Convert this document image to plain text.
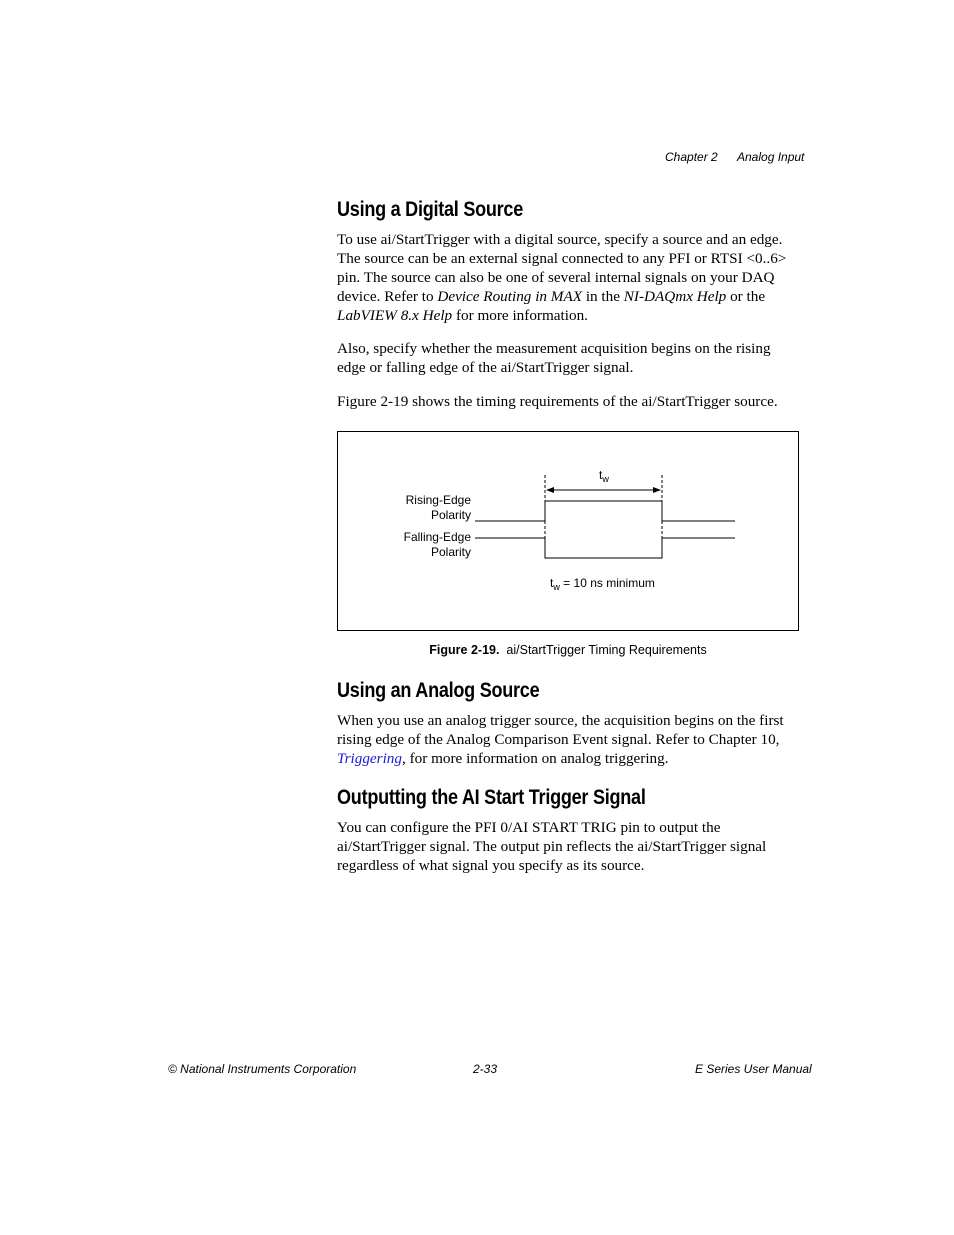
Chapter 2 Analog Input
Using a Digital Source

To use ai/StartTrigger with a digital source, specify a source and an edge. The source can be an external signal connected to any PFI or RTSI <0..6> pin. The source can also be one of several internal signals on your DAQ device. Refer to Device Routing in MAX in the NI-DAQmx Help or the LabVIEW 8.x Help for more information.

Also, specify whether the measurement acquisition begins on the rising edge or falling edge of the ai/StartTrigger signal.

Figure 2-19 shows the timing requirements of the ai/StartTrigger source.

Rising-Edge
Polarity
Falling-Edge
Polarity
$t_w$
$t_w = 10$ ns minimum
Figure 2-19. ai/StartTrigger Timing Requirements
Using an Analog Source

When you use an analog trigger source, the acquisition begins on the first rising edge of the Analog Comparison Event signal. Refer to Chapter 10, Triggering, for more information on analog triggering.

Outputting the AI Start Trigger Signal

You can configure the PFI 0/AI START TRIG pin to output the ai/StartTrigger signal. The output pin reflects the ai/StartTrigger signal regardless of what signal you specify as its source.

© National Instruments Corporation	2-33	E Series User Manual
